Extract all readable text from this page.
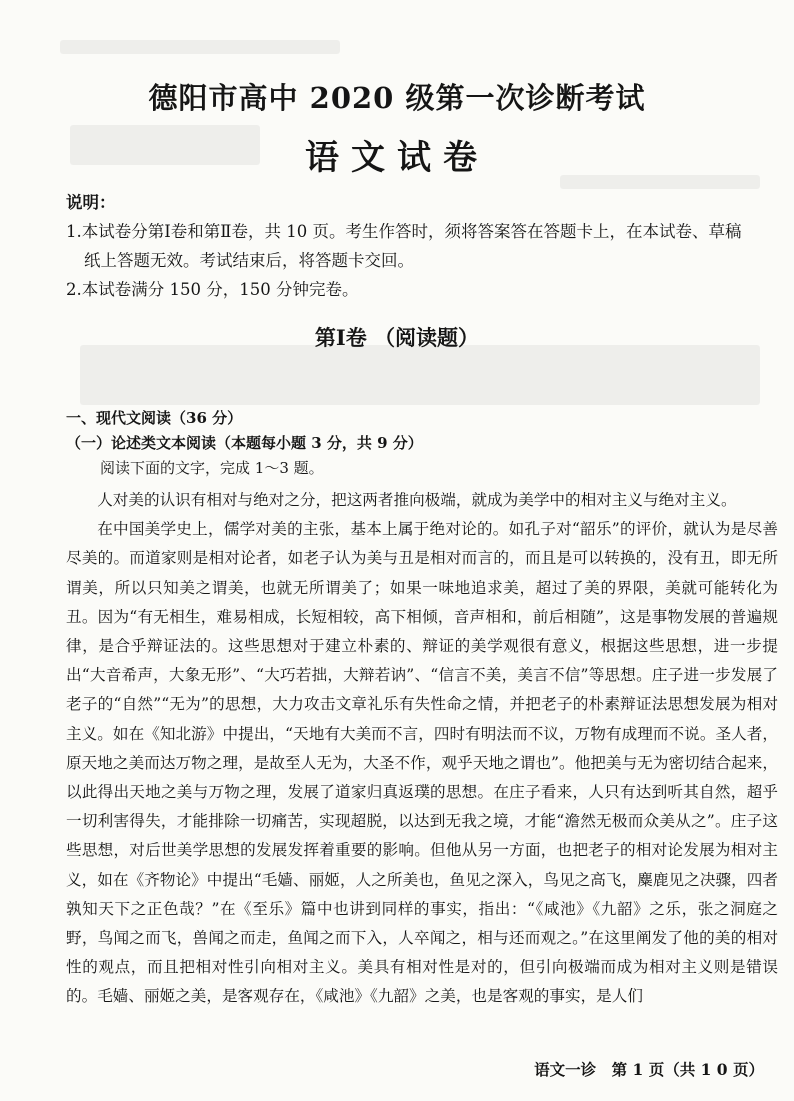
德阳市高中 2020 级第一次诊断考试
语文试卷
说明：
1.本试卷分第Ⅰ卷和第Ⅱ卷，共 10 页。考生作答时，须将答案答在答题卡上，在本试卷、草稿
纸上答题无效。考试结束后，将答题卡交回。
2.本试卷满分 150 分，150 分钟完卷。
第Ⅰ卷 （阅读题）
一、现代文阅读（36 分）
（一）论述类文本阅读（本题每小题 3 分，共 9 分）
阅读下面的文字，完成 1～3 题。

人对美的认识有相对与绝对之分，把这两者推向极端，就成为美学中的相对主义与绝对主义。

在中国美学史上，儒学对美的主张，基本上属于绝对论的。如孔子对“韶乐”的评价，就认为是尽善尽美的。而道家则是相对论者，如老子认为美与丑是相对而言的，而且是可以转换的，没有丑，即无所谓美，所以只知美之谓美，也就无所谓美了；如果一味地追求美，超过了美的界限，美就可能转化为丑。因为“有无相生，难易相成，长短相较，高下相倾，音声相和，前后相随”，这是事物发展的普遍规律，是合乎辩证法的。这些思想对于建立朴素的、辩证的美学观很有意义，根据这些思想，进一步提出“大音希声，大象无形”、“大巧若拙，大辩若讷”、“信言不美，美言不信”等思想。庄子进一步发展了老子的“自然”“无为”的思想，大力攻击文章礼乐有失性命之情，并把老子的朴素辩证法思想发展为相对主义。如在《知北游》中提出，“天地有大美而不言，四时有明法而不议，万物有成理而不说。圣人者，原天地之美而达万物之理，是故至人无为，大圣不作，观乎天地之谓也”。他把美与无为密切结合起来，以此得出天地之美与万物之理，发展了道家归真返璞的思想。在庄子看来，人只有达到听其自然，超乎一切利害得失，才能排除一切痛苦，实现超脱，以达到无我之境，才能“澹然无极而众美从之”。庄子这些思想，对后世美学思想的发展发挥着重要的影响。但他从另一方面，也把老子的相对论发展为相对主义，如在《齐物论》中提出“毛嫱、丽姬，人之所美也，鱼见之深入，鸟见之高飞，麋鹿见之决骤，四者孰知天下之正色哉？”在《至乐》篇中也讲到同样的事实，指出：“《咸池》《九韶》之乐，张之洞庭之野，鸟闻之而飞，兽闻之而走，鱼闻之而下入，人卒闻之，相与还而观之。”在这里阐发了他的美的相对性的观点，而且把相对性引向相对主义。美具有相对性是对的，但引向极端而成为相对主义则是错误的。毛嫱、丽姬之美，是客观存在，《咸池》《九韶》之美，也是客观的事实，是人们

语文一诊　第 1 页（共 1 0 页）
